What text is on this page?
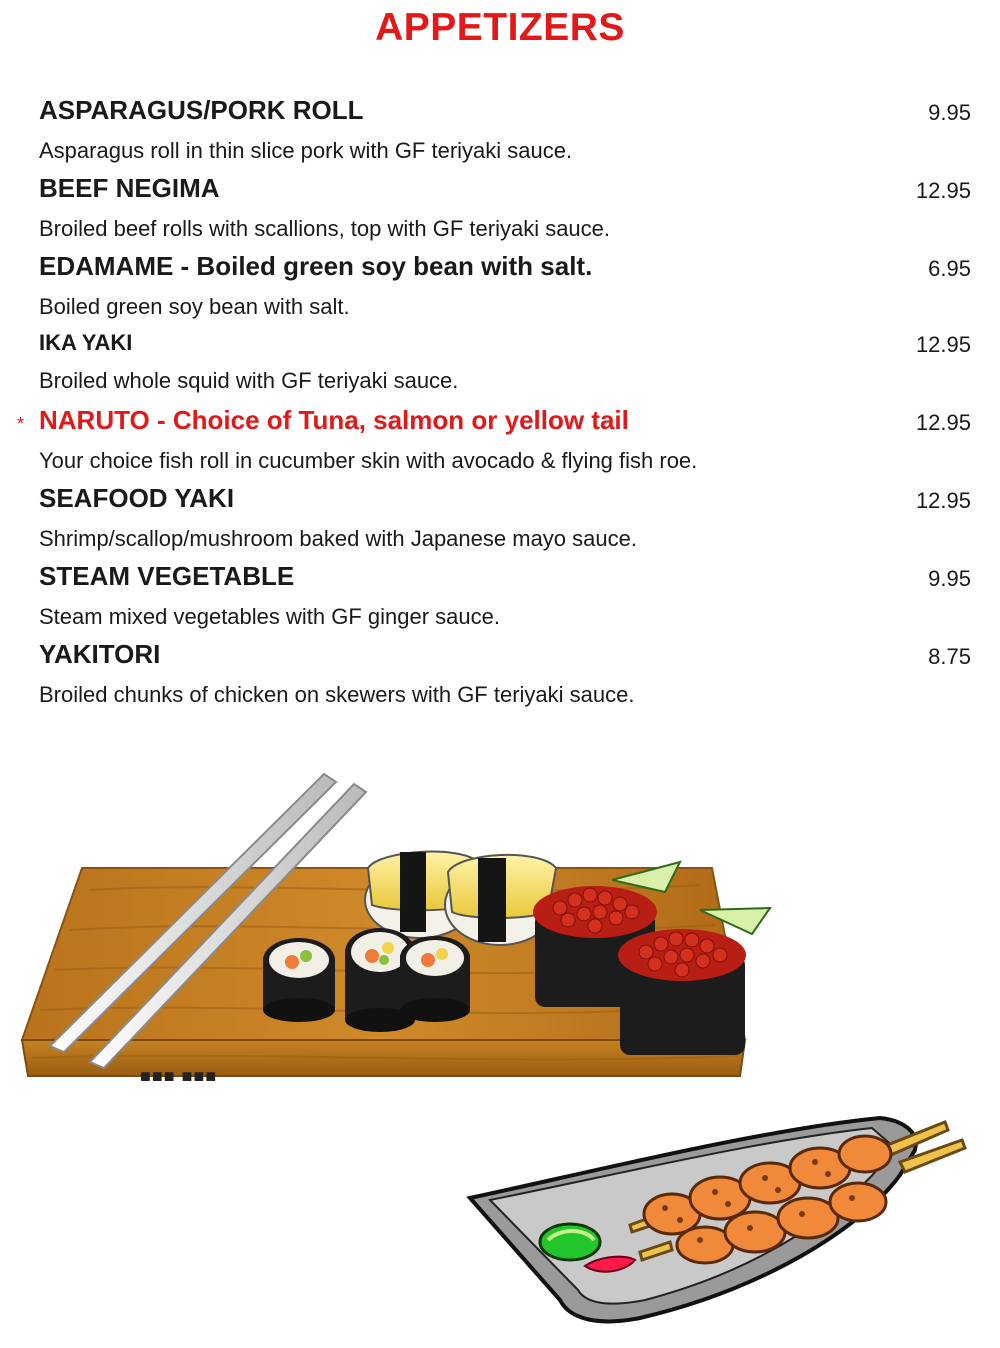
APPETIZERS
ASPARAGUS/PORK ROLL	9.95
Asparagus roll in thin slice pork with GF teriyaki sauce.
BEEF NEGIMA	12.95
Broiled beef rolls with scallions, top with GF teriyaki sauce.
EDAMAME - Boiled green soy bean with salt.	6.95
Boiled green soy bean with salt.
IKA YAKI	12.95
Broiled whole squid with GF teriyaki sauce.
* NARUTO - Choice of Tuna, salmon or yellow tail	12.95
Your choice fish roll in cucumber skin with avocado & flying fish roe.
SEAFOOD YAKI	12.95
Shrimp/scallop/mushroom baked with Japanese mayo sauce.
STEAM VEGETABLE	9.95
Steam mixed vegetables with GF ginger sauce.
YAKITORI	8.75
Broiled chunks of chicken on skewers with GF teriyaki sauce.
■■■ ■■■
